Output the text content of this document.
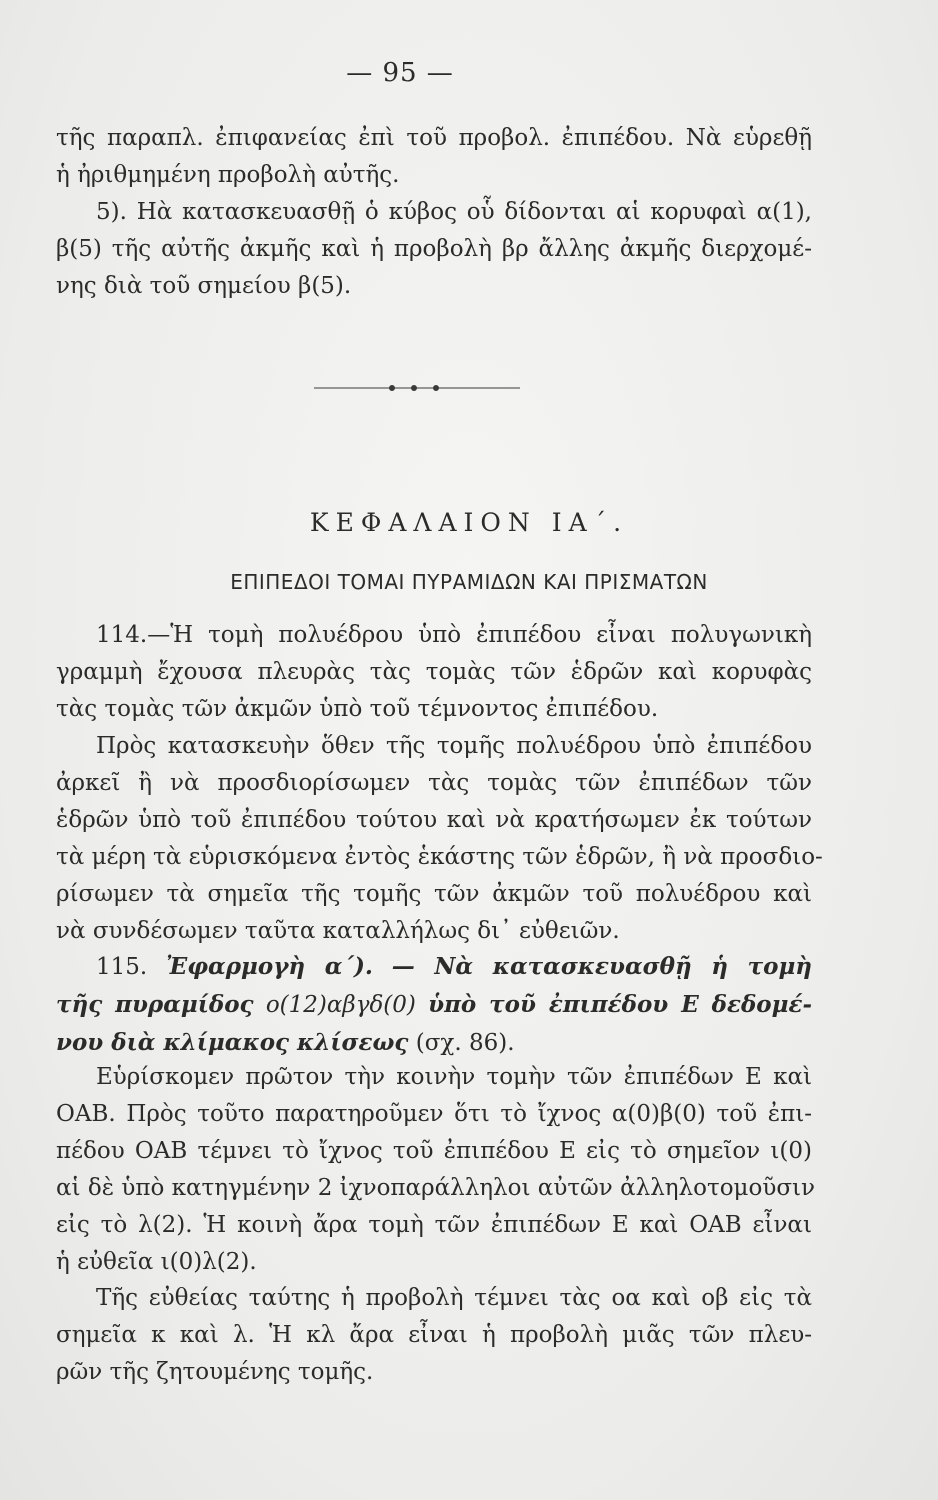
— 95 —
τῆς παραπλ. ἐπιφανείας ἐπὶ τοῦ προβολ. ἐπιπέδου. Νὰ εὑρεθῇ
ἡ ἠριθμημένη προβολὴ αὐτῆς.
5). Ηὰ κατασκευασθῇ ὁ κύβος οὗ δίδονται αἱ κορυφαὶ α(1),
β(5) τῆς αὐτῆς ἀκμῆς καὶ ἡ προβολὴ βρ ἄλλης ἀκμῆς διερχομέ-
νης διὰ τοῦ σημείου β(5).
ΚΕΦΑΛΑΙΟΝ ΙΑ΄.
ΕΠΙΠΕΔΟΙ ΤΟΜΑΙ ΠΥΡΑΜΙΔΩΝ ΚΑΙ ΠΡΙΣΜΑΤΩΝ
114.—Ἡ τομὴ πολυέδρου ὑπὸ ἐπιπέδου εἶναι πολυγωνικὴ
γραμμὴ ἔχουσα πλευρὰς τὰς τομὰς τῶν ἑδρῶν καὶ κορυφὰς
τὰς τομὰς τῶν ἀκμῶν ὑπὸ τοῦ τέμνοντος ἐπιπέδου.
Πρὸς κατασκευὴν ὅθεν τῆς τομῆς πολυέδρου ὑπὸ ἐπιπέδου
ἀρκεῖ ἢ νὰ προσδιορίσωμεν τὰς τομὰς τῶν ἐπιπέδων τῶν
ἑδρῶν ὑπὸ τοῦ ἐπιπέδου τούτου καὶ νὰ κρατήσωμεν ἐκ τούτων
τὰ μέρη τὰ εὑρισκόμενα ἐντὸς ἑκάστης τῶν ἑδρῶν, ἢ νὰ προσδιο-
ρίσωμεν τὰ σημεῖα τῆς τομῆς τῶν ἀκμῶν τοῦ πολυέδρου καὶ
νὰ συνδέσωμεν ταῦτα καταλλήλως δι᾽ εὐθειῶν.
115. Ἐφαρμογὴ α΄). — Νὰ κατασκευασθῇ ἡ τομὴ
τῆς πυραμίδος ο(12)αβγδ(0) ὑπὸ τοῦ ἐπιπέδου Ε δεδομέ-
νου διὰ κλίμακος κλίσεως (σχ. 86).
Εὑρίσκομεν πρῶτον τὴν κοινὴν τομὴν τῶν ἐπιπέδων Ε καὶ
ΟΑΒ. Πρὸς τοῦτο παρατηροῦμεν ὅτι τὸ ἴχνος α(0)β(0) τοῦ ἐπι-
πέδου ΟΑΒ τέμνει τὸ ἴχνος τοῦ ἐπιπέδου Ε εἰς τὸ σημεῖον ι(0)
αἱ δὲ ὑπὸ κατηγμένην 2 ἰχνοπαράλληλοι αὐτῶν ἀλληλοτομοῦσιν
εἰς τὸ λ(2). Ἡ κοινὴ ἄρα τομὴ τῶν ἐπιπέδων Ε καὶ ΟΑΒ εἶναι
ἡ εὐθεῖα ι(0)λ(2).
Τῆς εὐθείας ταύτης ἡ προβολὴ τέμνει τὰς οα καὶ οβ εἰς τὰ
σημεῖα κ καὶ λ. Ἡ κλ ἄρα εἶναι ἡ προβολὴ μιᾶς τῶν πλευ-
ρῶν τῆς ζητουμένης τομῆς.
